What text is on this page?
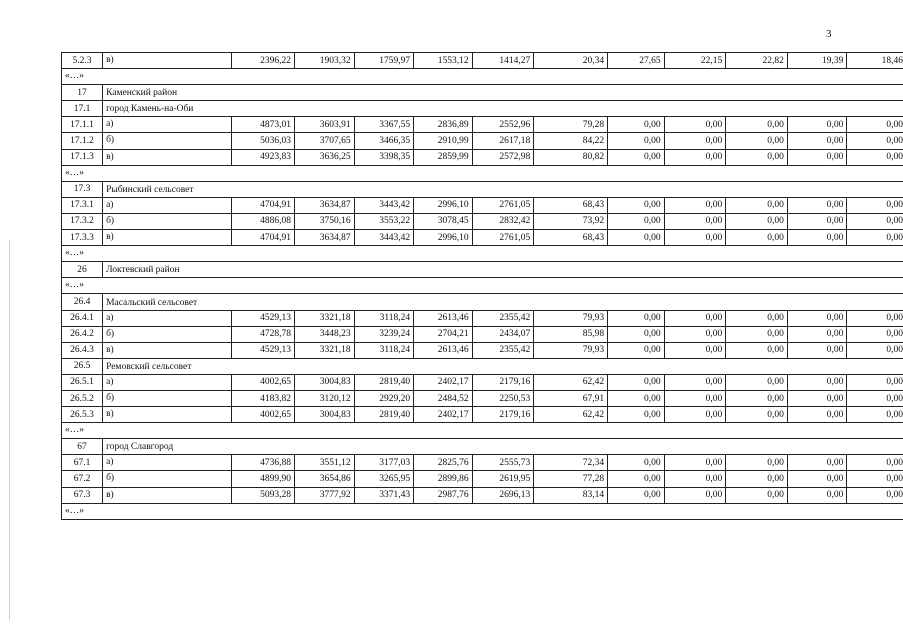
3
5.2.3	в)	2396,22	1903,32	1759,97	1553,12	1414,27	20,34	27,65	22,15	22,82	19,39	18,46
«…»												
17	Каменский район											
17.1	город Камень-на-Оби											
17.1.1	а)	4873,01	3603,91	3367,55	2836,89	2552,96	79,28	0,00	0,00	0,00	0,00	0,00
17.1.2	б)	5036,03	3707,65	3466,35	2910,99	2617,18	84,22	0,00	0,00	0,00	0,00	0,00
17.1.3	в)	4923,83	3636,25	3398,35	2859,99	2572,98	80,82	0,00	0,00	0,00	0,00	0,00
«…»												
17.3	Рыбинский сельсовет											
17.3.1	а)	4704,91	3634,87	3443,42	2996,10	2761,05	68,43	0,00	0,00	0,00	0,00	0,00
17.3.2	б)	4886,08	3750,16	3553,22	3078,45	2832,42	73,92	0,00	0,00	0,00	0,00	0,00
17.3.3	в)	4704,91	3634,87	3443,42	2996,10	2761,05	68,43	0,00	0,00	0,00	0,00	0,00
«…»												
26	Локтевский район											
«…»												
26.4	Масальский сельсовет											
26.4.1	а)	4529,13	3321,18	3118,24	2613,46	2355,42	79,93	0,00	0,00	0,00	0,00	0,00
26.4.2	б)	4728,78	3448,23	3239,24	2704,21	2434,07	85,98	0,00	0,00	0,00	0,00	0,00
26.4.3	в)	4529,13	3321,18	3118,24	2613,46	2355,42	79,93	0,00	0,00	0,00	0,00	0,00
26.5	Ремовский сельсовет											
26.5.1	а)	4002,65	3004,83	2819,40	2402,17	2179,16	62,42	0,00	0,00	0,00	0,00	0,00
26.5.2	б)	4183,82	3120,12	2929,20	2484,52	2250,53	67,91	0,00	0,00	0,00	0,00	0,00
26.5.3	в)	4002,65	3004,83	2819,40	2402,17	2179,16	62,42	0,00	0,00	0,00	0,00	0,00
«…»												
67	город Славгород											
67.1	а)	4736,88	3551,12	3177,03	2825,76	2555,73	72,34	0,00	0,00	0,00	0,00	0,00
67.2	б)	4899,90	3654,86	3265,95	2899,86	2619,95	77,28	0,00	0,00	0,00	0,00	0,00
67.3	в)	5093,28	3777,92	3371,43	2987,76	2696,13	83,14	0,00	0,00	0,00	0,00	0,00
«…»												
